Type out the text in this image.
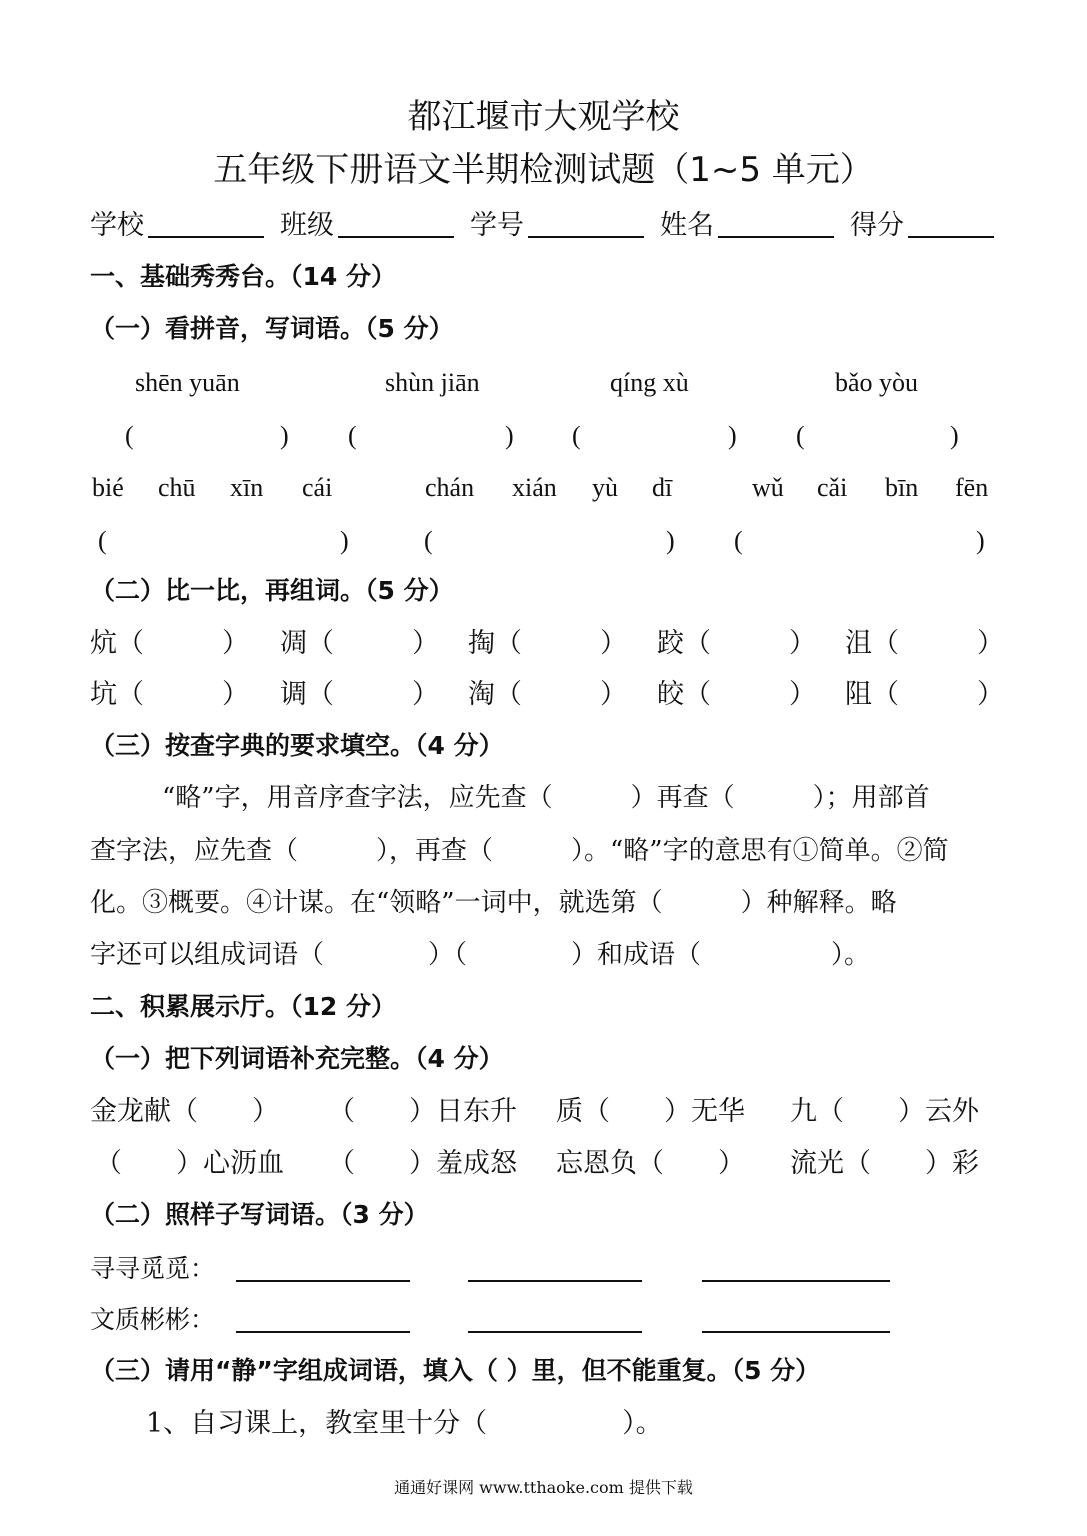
都江堰市大观学校
五年级下册语文半期检测试题（1~5 单元）
学校	班级	学号	姓名	得分
一、基础秀秀台。（14 分）
（一）看拼音，写词语。（5 分）
shēn yuān	shùn jiān	qíng xù	bǎo yòu
(	) (	) (	) (	)
bié chū xīn cái	chán xián yù dī	wǔ cǎi bīn fēn
(	)	(	) (	)
（二）比一比，再组词。（5 分）
炕（	） 凋（	） 掏（	） 跤（	） 沮（	）
坑（	） 调（	） 淘（	） 皎（	） 阻（	）
（三）按查字典的要求填空。（4 分）
“略”字，用音序查字法，应先查（　　　）再查（　　　）；用部首
查字法，应先查（　　　），再查（　　　）。“略”字的意思有①简单。②简
化。③概要。④计谋。在“领略”一词中，就选第（　　　）种解释。略
字还可以组成词语（　　　　）（　　　　）和成语（　　　　　）。
二、积累展示厅。（12 分）
（一）把下列词语补充完整。（4 分）
金龙献（　　） （　　）日东升 质（　　）无华 九（　　）云外
（　　）心沥血 （　　）羞成怒 忘恩负（　　） 流光（　　）彩
（二）照样子写词语。（3 分）
寻寻觅觅：
文质彬彬：
（三）请用“静”字组成词语，填入（ ）里，但不能重复。（5 分）
1、自习课上，教室里十分（　　　　　）。
通通好课网 www.tthaoke.com 提供下载
